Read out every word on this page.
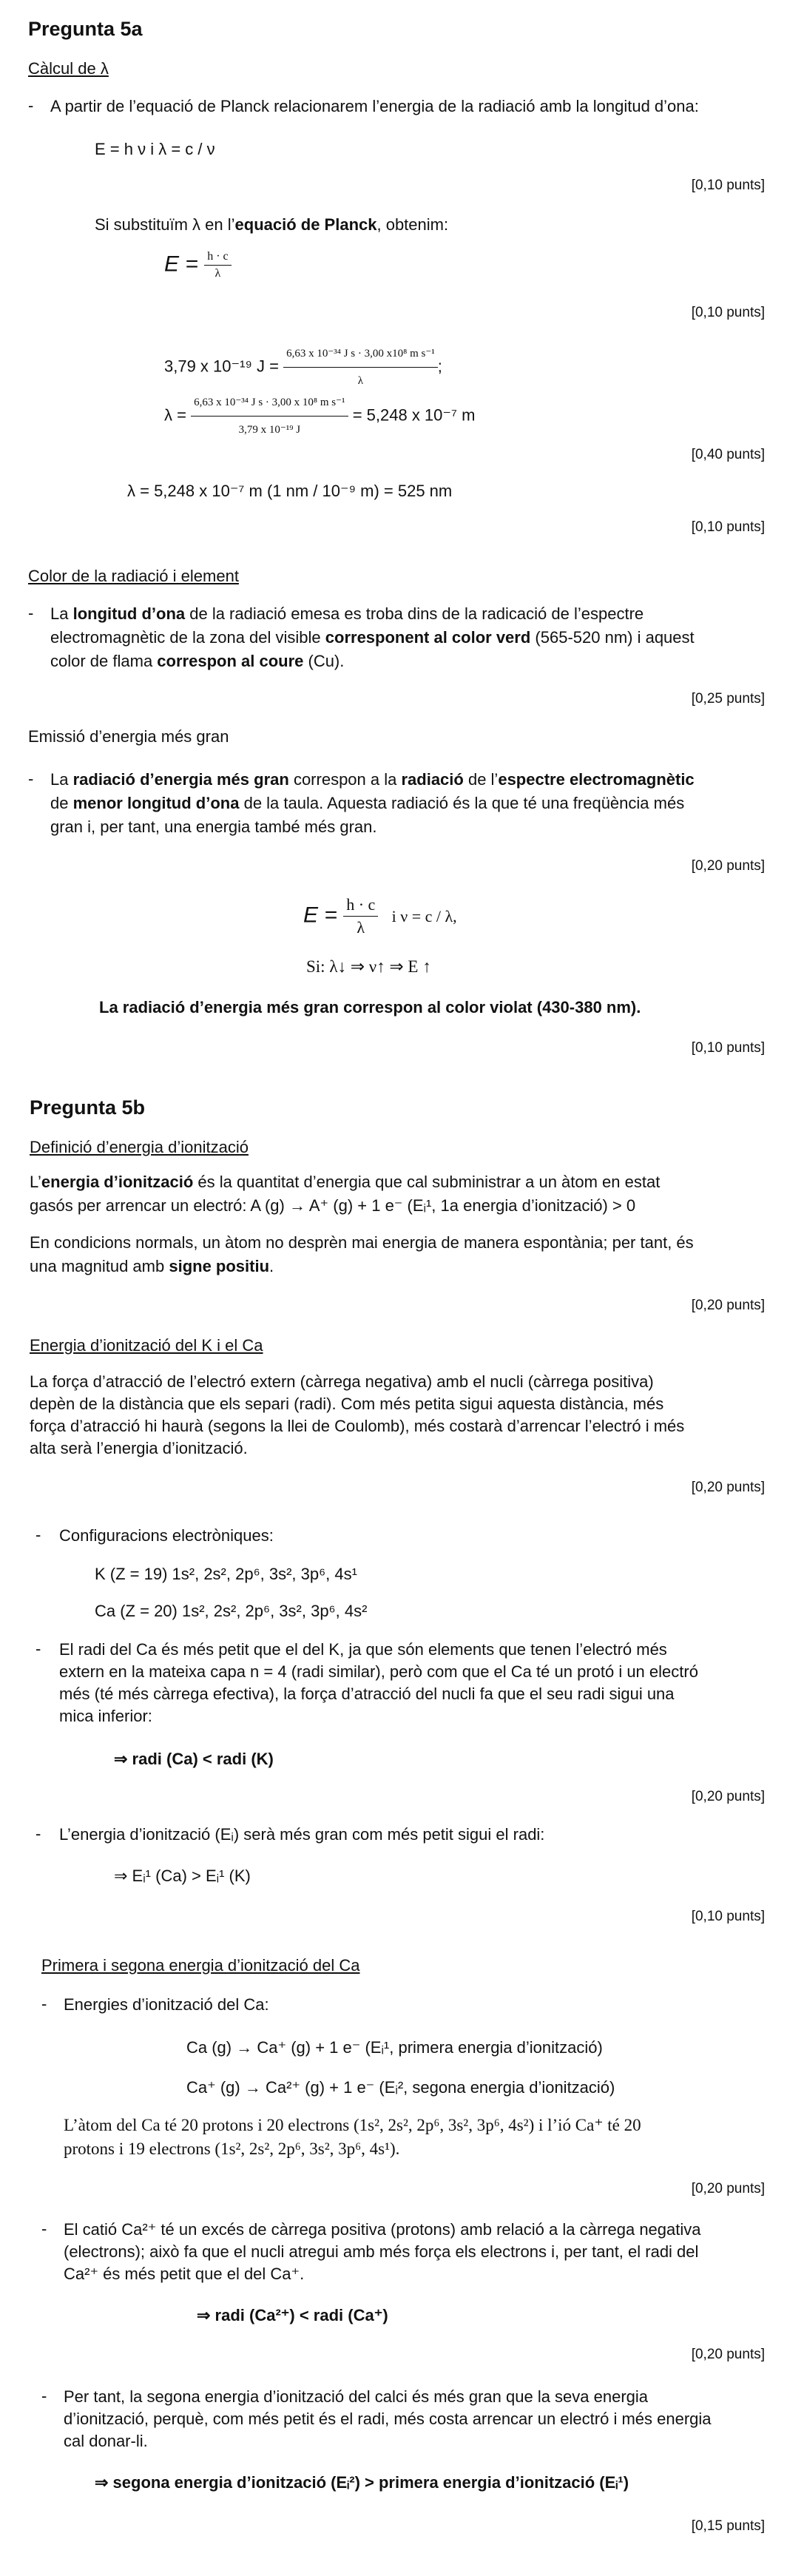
Pregunta 5a
Càlcul de λ
- A partir de l’equació de Planck relacionarem l’energia de la radiació amb la longitud d’ona:
E = h ν i λ = c / ν
[0,10 punts]
Si substituïm λ en l’equació de Planck, obtenim:
$E = \frac{h \cdot c}{\lambda}$
[0,10 punts]
3,79 x 10⁻¹⁹ $J = \frac{\text{6,63 x 10⁻³⁴ J s · 3,00 x10⁸ m s⁻¹}}{\lambda}$ ;
$\lambda = \frac{\text{6,63 x 10⁻³⁴ J s · 3,00 x 10⁸ m s⁻¹}}{\text{3,79 x 10⁻¹⁹ J}} = 5,248$ x 10⁻⁷ m
[0,40 punts]
λ = 5,248 x 10⁻⁷ m (1 nm / 10⁻⁹ m) = 525 nm
[0,10 punts]
Color de la radiació i element
- La longitud d’ona de la radiació emesa es troba dins de la radicació de l’espectre
electromagnètic de la zona del visible corresponent al color verd (565-520 nm) i aquest
color de flama correspon al coure (Cu).
[0,25 punts]
Emissió d’energia més gran
- La radiació d’energia més gran correspon a la radiació de l’espectre electromagnètic
de menor longitud d’ona de la taula. Aquesta radiació és la que té una freqüència més
gran i, per tant, una energia també més gran.
[0,20 punts]
$E = \frac{h \cdot c}{\lambda}$ i ν = c / λ,
Si: λ↓ ⇒ ν↑ ⇒ E ↑
La radiació d’energia més gran correspon al color violat (430-380 nm).
[0,10 punts]
Pregunta 5b
Definició d’energia d’ionització
L’energia d’ionització és la quantitat d’energia que cal subministrar a un àtom en estat
gasós per arrencar un electró: A (g) → A⁺ (g) + 1 e⁻ (Eᵢ¹, 1a energia d’ionització) > 0
En condicions normals, un àtom no desprèn mai energia de manera espontània; per tant, és
una magnitud amb signe positiu.
[0,20 punts]
Energia d’ionització del K i el Ca
La força d’atracció de l’electró extern (càrrega negativa) amb el nucli (càrrega positiva)
depèn de la distància que els separi (radi). Com més petita sigui aquesta distància, més
força d’atracció hi haurà (segons la llei de Coulomb), més costarà d’arrencar l’electró i més
alta serà l’energia d’ionització.
[0,20 punts]
- Configuracions electròniques:
K (Z = 19) 1s², 2s², 2p⁶, 3s², 3p⁶, 4s¹
Ca (Z = 20) 1s², 2s², 2p⁶, 3s², 3p⁶, 4s²
- El radi del Ca és més petit que el del K, ja que són elements que tenen l’electró més
extern en la mateixa capa n = 4 (radi similar), però com que el Ca té un protó i un electró
més (té més càrrega efectiva), la força d’atracció del nucli fa que el seu radi sigui una
mica inferior:
⇒ radi (Ca) < radi (K)
[0,20 punts]
- L’energia d’ionització (Eᵢ) serà més gran com més petit sigui el radi:
⇒ Eᵢ¹ (Ca) > Eᵢ¹ (K)
[0,10 punts]
Primera i segona energia d’ionització del Ca
- Energies d’ionització del Ca:
Ca (g) → Ca⁺ (g) + 1 e⁻ (Eᵢ¹, primera energia d’ionització)
Ca⁺ (g) → Ca²⁺ (g) + 1 e⁻ (Eᵢ², segona energia d’ionització)
L’àtom del Ca té 20 protons i 20 electrons (1s², 2s², 2p⁶, 3s², 3p⁶, 4s²) i l’ió Ca⁺ té 20
protons i 19 electrons (1s², 2s², 2p⁶, 3s², 3p⁶, 4s¹).
[0,20 punts]
- El catió Ca²⁺ té un excés de càrrega positiva (protons) amb relació a la càrrega negativa
(electrons); això fa que el nucli atregui amb més força els electrons i, per tant, el radi del
Ca²⁺ és més petit que el del Ca⁺.
⇒ radi (Ca²⁺) < radi (Ca⁺)
[0,20 punts]
- Per tant, la segona energia d’ionització del calci és més gran que la seva energia
d’ionització, perquè, com més petit és el radi, més costa arrencar un electró i més energia
cal donar-li.
⇒ segona energia d’ionització (Eᵢ²) > primera energia d’ionització (Eᵢ¹)
[0,15 punts]
